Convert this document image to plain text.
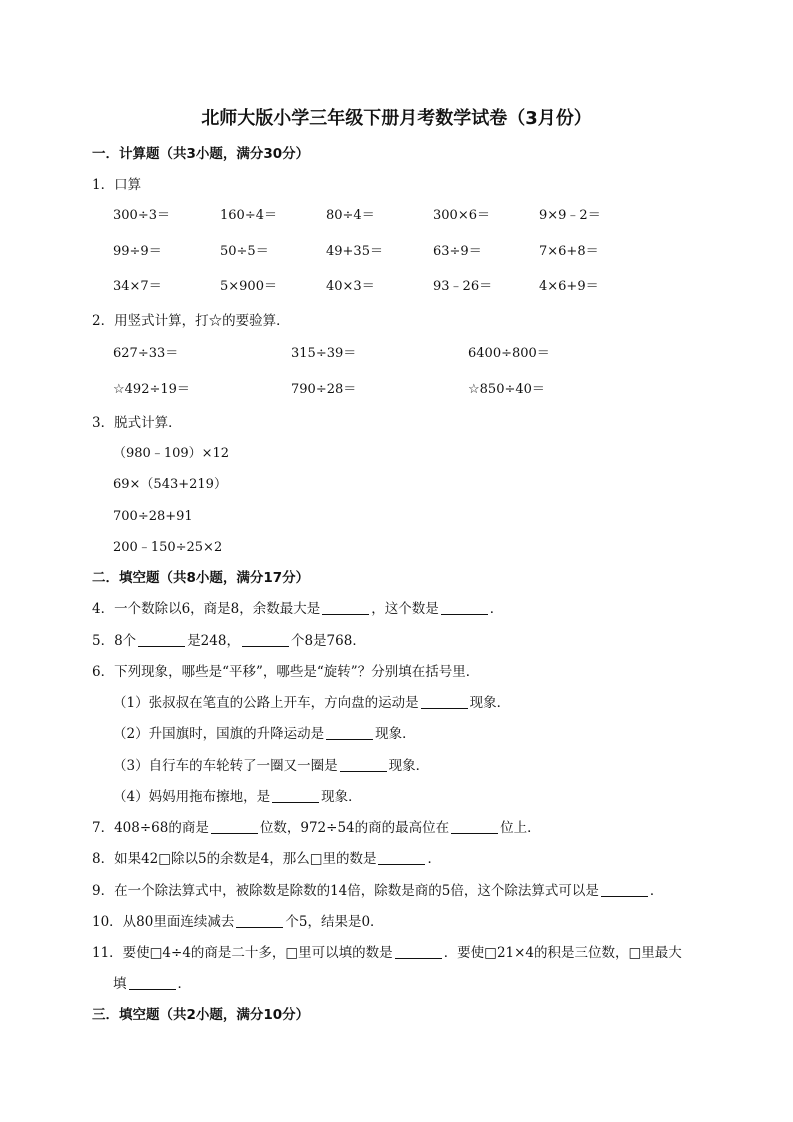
北师大版小学三年级下册月考数学试卷（3月份）
一．计算题（共3小题，满分30分）
1．口算
300÷3＝	160÷4＝	80÷4＝	300×6＝	9×9﹣2＝
99÷9＝	50÷5＝	49+35＝	63÷9＝	7×6+8＝
34×7＝	5×900＝	40×3＝	93﹣26＝	4×6+9＝
2．用竖式计算，打☆的要验算．
627÷33＝	315÷39＝	6400÷800＝
☆492÷19＝	790÷28＝	☆850÷40＝
3．脱式计算．
（980﹣109）×12
69×（543+219）
700÷28+91
200﹣150÷25×2
二．填空题（共8小题，满分17分）
4．一个数除以6，商是8，余数最大是	，这个数是	．
5．8个	是248，	个8是768．
6．下列现象，哪些是“平移”，哪些是“旋转”？分别填在括号里．
（1）张叔叔在笔直的公路上开车，方向盘的运动是	现象．
（2）升国旗时，国旗的升降运动是	现象．
（3）自行车的车轮转了一圈又一圈是	现象．
（4）妈妈用拖布擦地，是	现象．
7．408÷68的商是	位数，972÷54的商的最高位在	位上．
8．如果42□除以5的余数是4，那么□里的数是	．
9．在一个除法算式中，被除数是除数的14倍，除数是商的5倍，这个除法算式可以是	．
10．从80里面连续减去	个5，结果是0．
11．要使□4÷4的商是二十多，□里可以填的数是	．要使□21×4的积是三位数，□里最大
填	．
三．填空题（共2小题，满分10分）
